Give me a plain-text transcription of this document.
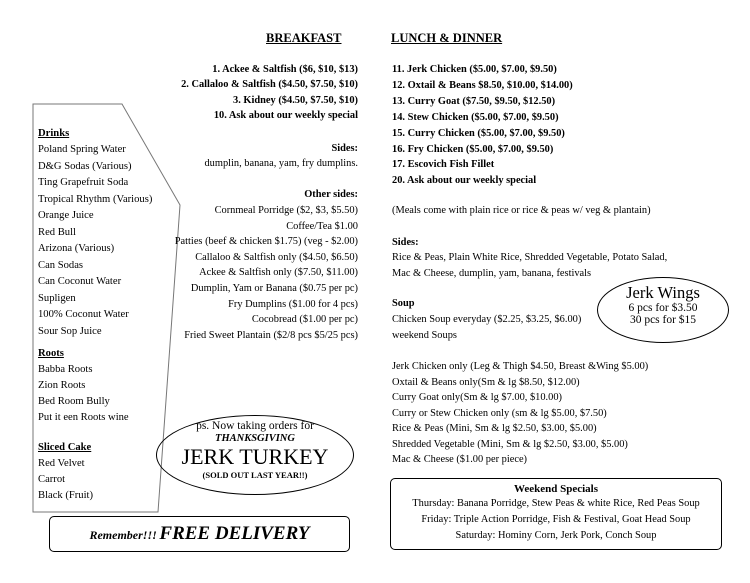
Drinks
Poland Spring Water
D&G Sodas (Various)
Ting Grapefruit Soda
Tropical Rhythm (Various)
Orange Juice
Red Bull
Arizona (Various)
Can Sodas
Can Coconut Water
Supligen
100% Coconut Water
Sour Sop Juice
Roots
Babba Roots
Zion Roots
Bed Room Bully
Put it een Roots wine
Sliced Cake
Red Velvet
Carrot
Black (Fruit)
BREAKFAST
1. Ackee & Saltfish ($6, $10, $13)
2. Callaloo & Saltfish ($4.50, $7.50, $10)
3. Kidney ($4.50, $7.50, $10)
10. Ask about our weekly special
Sides:
dumplin, banana, yam, fry dumplins.
Other sides:
Cornmeal Porridge ($2, $3, $5.50)
Coffee/Tea $1.00
Patties (beef & chicken $1.75) (veg - $2.00)
Callaloo & Saltfish only ($4.50, $6.50)
Ackee & Saltfish only ($7.50, $11.00)
Dumplin, Yam or Banana ($0.75 per pc)
Fry Dumplins ($1.00 for 4 pcs)
Cocobread ($1.00 per pc)
Fried Sweet Plantain ($2/8 pcs $5/25 pcs)
LUNCH & DINNER
11. Jerk Chicken ($5.00, $7.00, $9.50)
12. Oxtail & Beans $8.50, $10.00, $14.00)
13. Curry Goat ($7.50, $9.50, $12.50)
14. Stew Chicken ($5.00, $7.00, $9.50)
15. Curry Chicken ($5.00, $7.00, $9.50)
16. Fry Chicken ($5.00, $7.00, $9.50)
17. Escovich Fish Fillet
20. Ask about our weekly special
(Meals come with plain rice or rice & peas w/ veg & plantain)
Sides:
Rice & Peas, Plain White Rice, Shredded Vegetable, Potato Salad,
Mac & Cheese, dumplin, yam, banana, festivals
Soup
Chicken Soup everyday ($2.25, $3.25, $6.00)
weekend Soups
Jerk Chicken only (Leg & Thigh $4.50, Breast &Wing $5.00)
Oxtail & Beans only(Sm & lg $8.50, $12.00)
Curry Goat only(Sm & lg $7.00, $10.00)
Curry or Stew Chicken only (sm & lg $5.00, $7.50)
Rice & Peas (Mini, Sm & lg $2.50, $3.00, $5.00)
Shredded Vegetable (Mini, Sm & lg $2.50, $3.00, $5.00)
Mac & Cheese ($1.00 per piece)
Jerk Wings
6 pcs for $3.50
30 pcs for $15
ps. Now taking orders for
THANKSGIVING
JERK TURKEY
(SOLD OUT LAST YEAR!!)
Remember!!! FREE DELIVERY
Weekend Specials
Thursday: Banana Porridge, Stew Peas & white Rice, Red Peas Soup
Friday: Triple Action Porridge, Fish & Festival, Goat Head Soup
Saturday: Hominy Corn, Jerk Pork, Conch Soup
